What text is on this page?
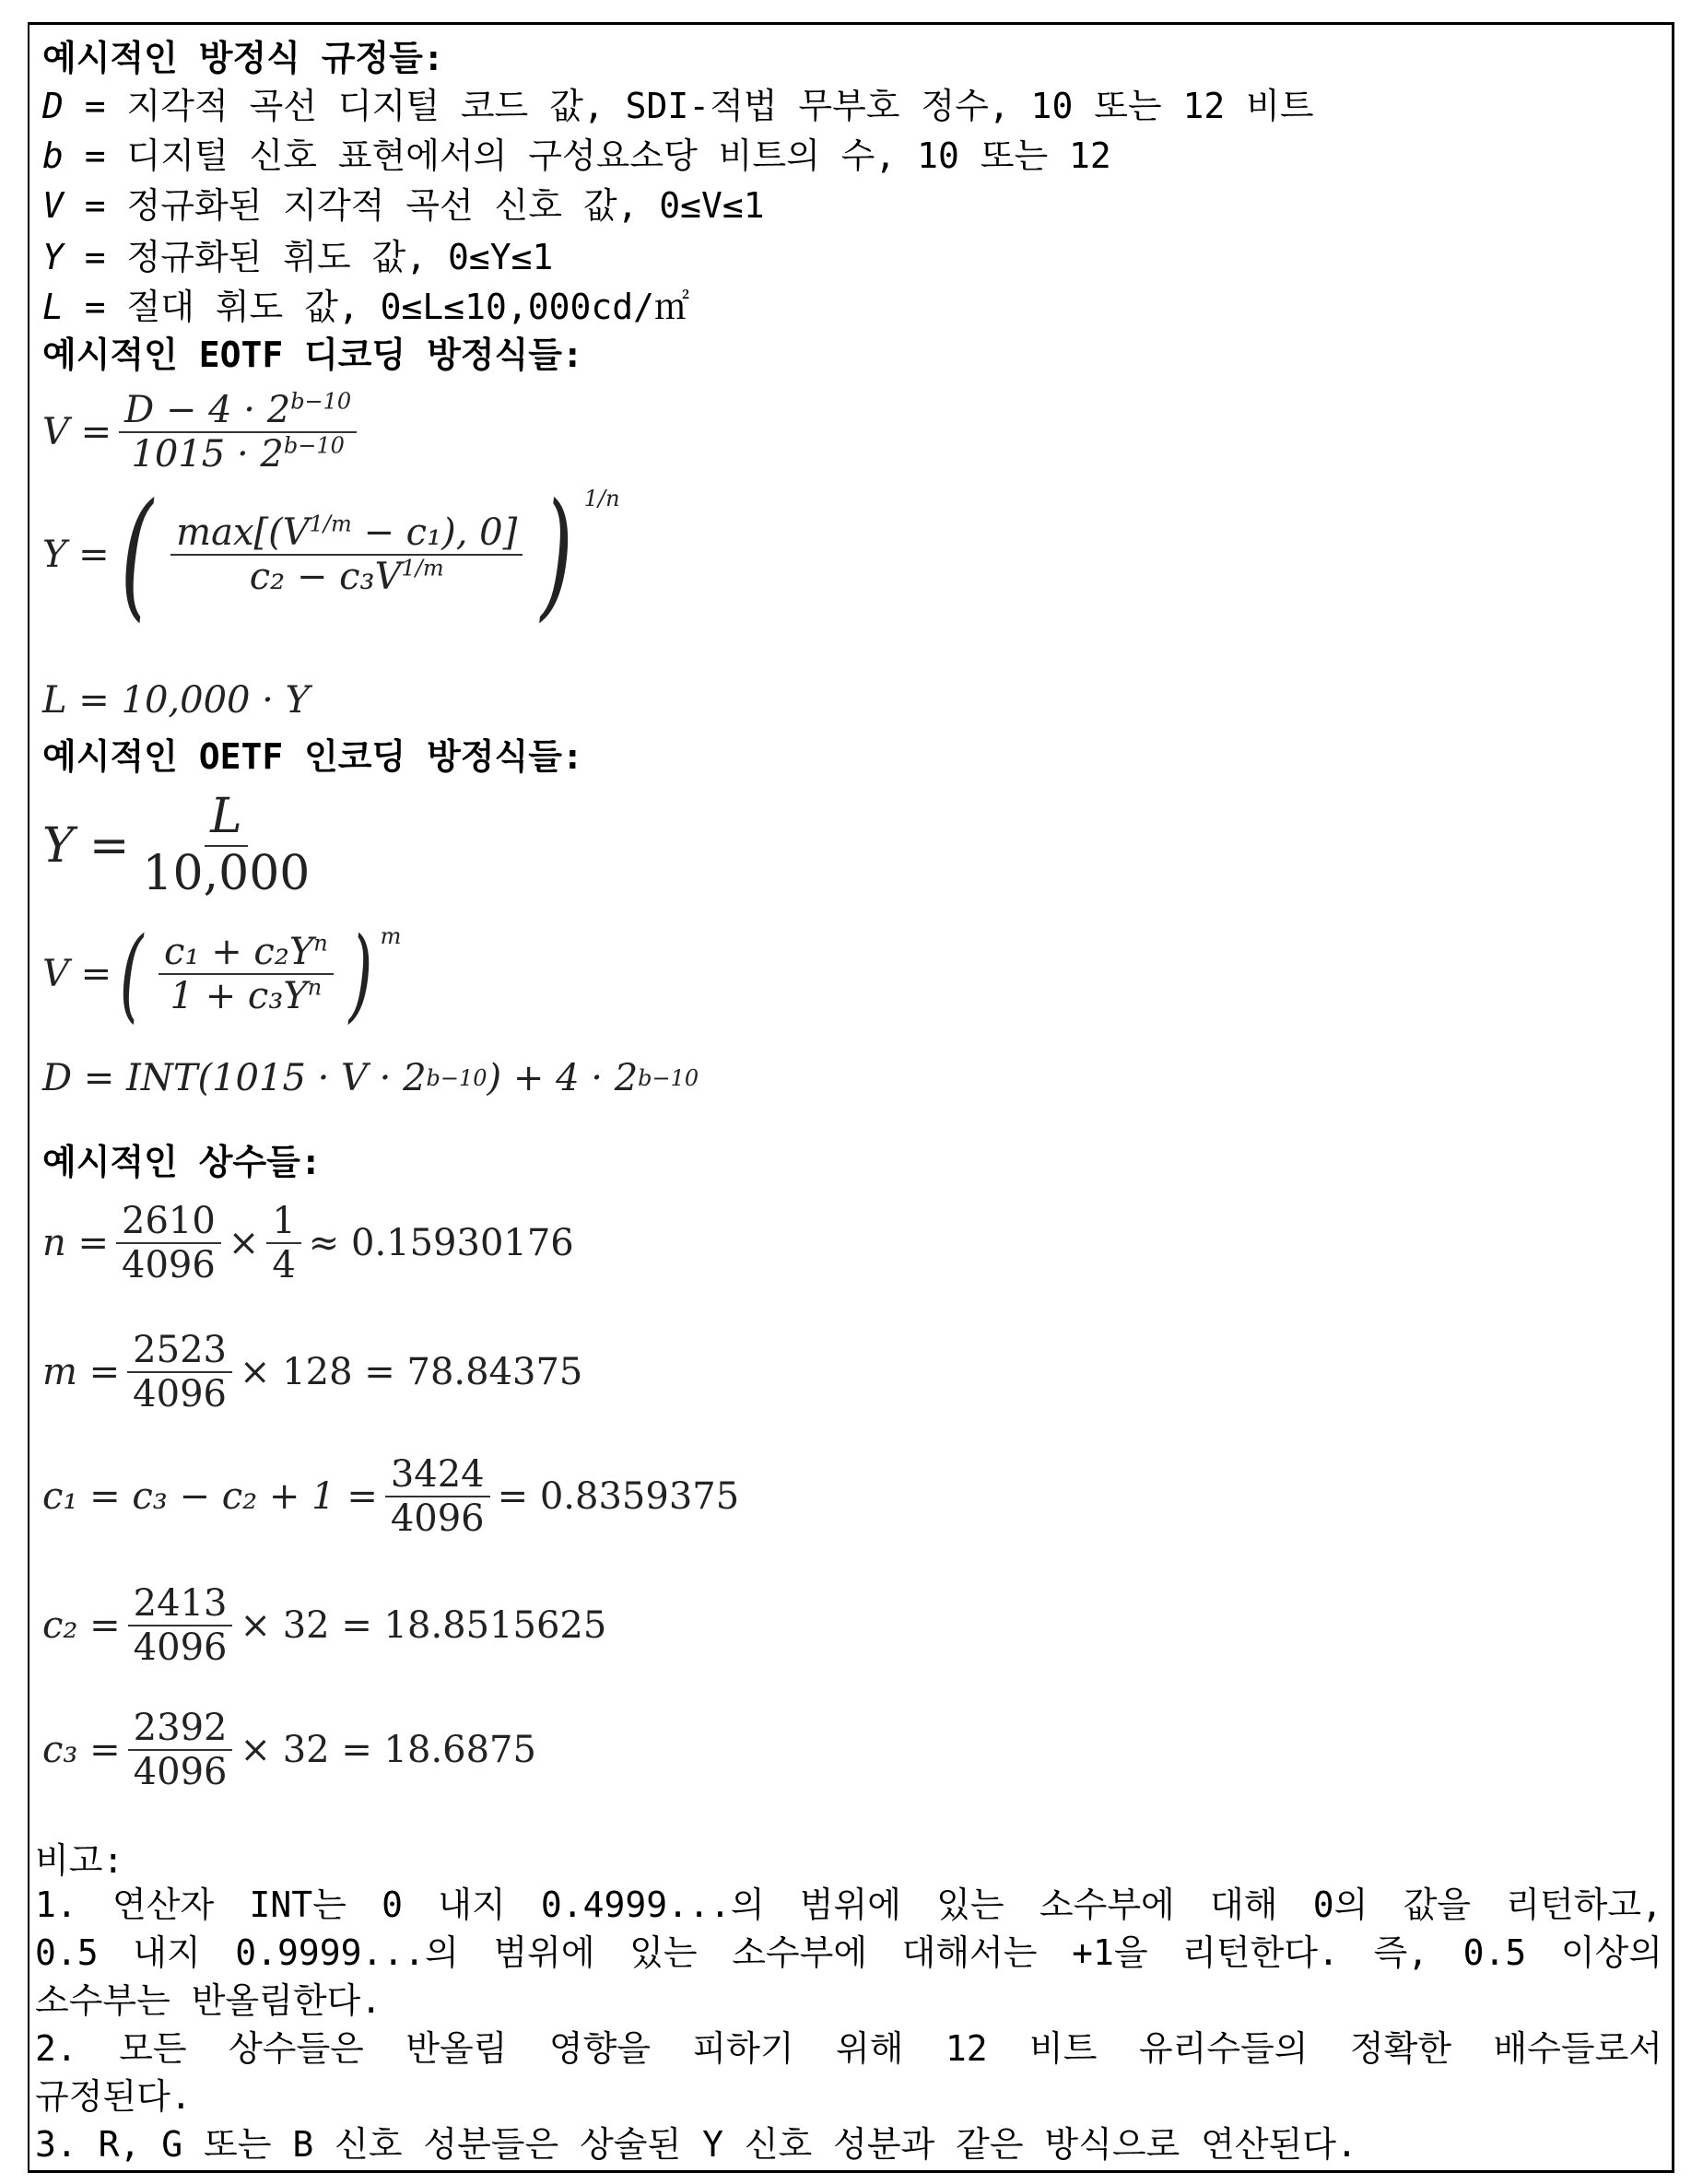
예시적인 방정식 규정들:
D = 지각적 곡선 디지털 코드 값, SDI-적법 무부호 정수, 10 또는 12 비트
b = 디지털 신호 표현에서의 구성요소당 비트의 수, 10 또는 12
V = 정규화된 지각적 곡선 신호 값, 0≤V≤1
Y = 정규화된 휘도 값, 0≤Y≤1
L = 절대 휘도 값, 0≤L≤10,000cd/㎡
예시적인 EOTF 디코딩 방정식들:
V =
D − 4 · 2b−10
1015 · 2b−10
Y = ( max[(V1/m − c₁), 0]
c₂ − c₃V1/m ) 1/n
L = 10,000 · Y
예시적인 OETF 인코딩 방정식들:
Y =
L
10,000
V = ( c₁ + c₂Yn
1 + c₃Yn ) m
D = INT(1015 · V · 2 b−10 ) + 4 · 2 b−10
예시적인 상수들:
n =
2610
4096
×
1
4
≈ 0.15930176
m =
2523
4096
× 128 = 78.84375
c₁ = c₃ − c₂ + 1 =
3424
4096
= 0.8359375
c₂ =
2413
4096
× 32 = 18.8515625
c₃ =
2392
4096
× 32 = 18.6875
비고:
1. 연산자 INT는 0 내지 0.4999...의 범위에 있는 소수부에 대해 0의 값을 리턴하고,
0.5 내지 0.9999...의 범위에 있는 소수부에 대해서는 +1을 리턴한다. 즉, 0.5 이상의
소수부는 반올림한다.
2. 모든 상수들은 반올림 영향을 피하기 위해 12 비트 유리수들의 정확한 배수들로서
규정된다.
3. R, G 또는 B 신호 성분들은 상술된 Y 신호 성분과 같은 방식으로 연산된다.
